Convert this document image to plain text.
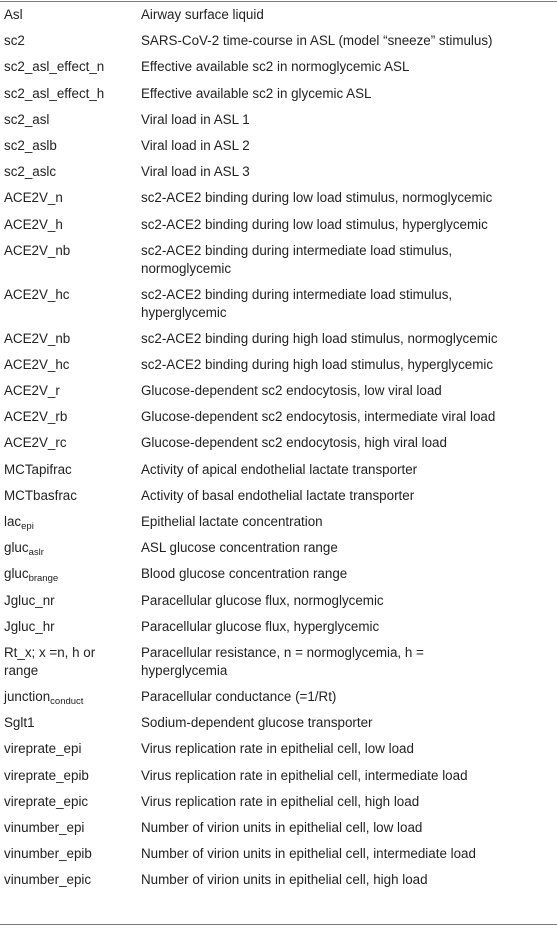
Asl	Airway surface liquid
sc2	SARS-CoV-2 time-course in ASL (model “sneeze” stimulus)
sc2_asl_effect_n	Effective available sc2 in normoglycemic ASL
sc2_asl_effect_h	Effective available sc2 in glycemic ASL
sc2_asl	Viral load in ASL 1
sc2_aslb	Viral load in ASL 2
sc2_aslc	Viral load in ASL 3
ACE2V_n	sc2-ACE2 binding during low load stimulus, normoglycemic
ACE2V_h	sc2-ACE2 binding during low load stimulus, hyperglycemic
ACE2V_nb	sc2-ACE2 binding during intermediate load stimulus,
normoglycemic
ACE2V_hc	sc2-ACE2 binding during intermediate load stimulus,
hyperglycemic
ACE2V_nb	sc2-ACE2 binding during high load stimulus, normoglycemic
ACE2V_hc	sc2-ACE2 binding during high load stimulus, hyperglycemic
ACE2V_r	Glucose-dependent sc2 endocytosis, low viral load
ACE2V_rb	Glucose-dependent sc2 endocytosis, intermediate viral load
ACE2V_rc	Glucose-dependent sc2 endocytosis, high viral load
MCTapifrac	Activity of apical endothelial lactate transporter
MCTbasfrac	Activity of basal endothelial lactate transporter
lac$_{epi}$	Epithelial lactate concentration
gluc$_{aslr}$	ASL glucose concentration range
gluc$_{brange}$	Blood glucose concentration range
Jgluc_nr	Paracellular glucose flux, normoglycemic
Jgluc_hr	Paracellular glucose flux, hyperglycemic
Rt_x; x =n, h or
range	Paracellular resistance, n = normoglycemia, h =
hyperglycemia
junction$_{conduct}$	Paracellular conductance (=1/Rt)
Sglt1	Sodium-dependent glucose transporter
vireprate_epi	Virus replication rate in epithelial cell, low load
vireprate_epib	Virus replication rate in epithelial cell, intermediate load
vireprate_epic	Virus replication rate in epithelial cell, high load
vinumber_epi	Number of virion units in epithelial cell, low load
vinumber_epib	Number of virion units in epithelial cell, intermediate load
vinumber_epic	Number of virion units in epithelial cell, high load
